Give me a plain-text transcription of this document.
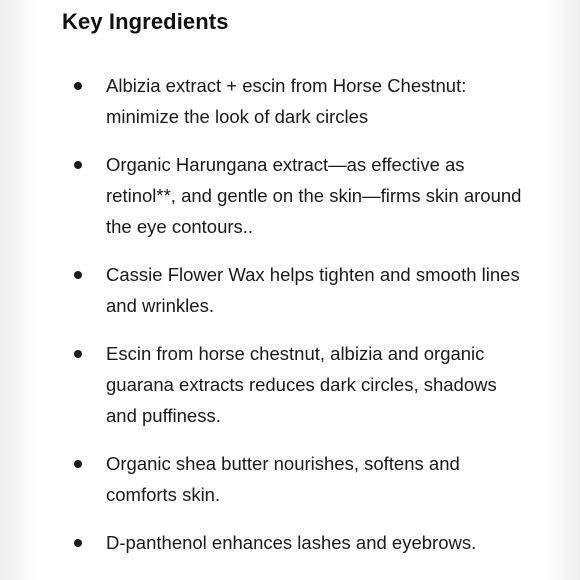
Key Ingredients
Albizia extract + escin from Horse Chestnut: minimize the look of dark circles
Organic Harungana extract—as effective as retinol**, and gentle on the skin—firms skin around the eye contours..
Cassie Flower Wax helps tighten and smooth lines and wrinkles.
Escin from horse chestnut, albizia and organic guarana extracts reduces dark circles, shadows and puffiness.
Organic shea butter nourishes, softens and comforts skin.
D-panthenol enhances lashes and eyebrows.
